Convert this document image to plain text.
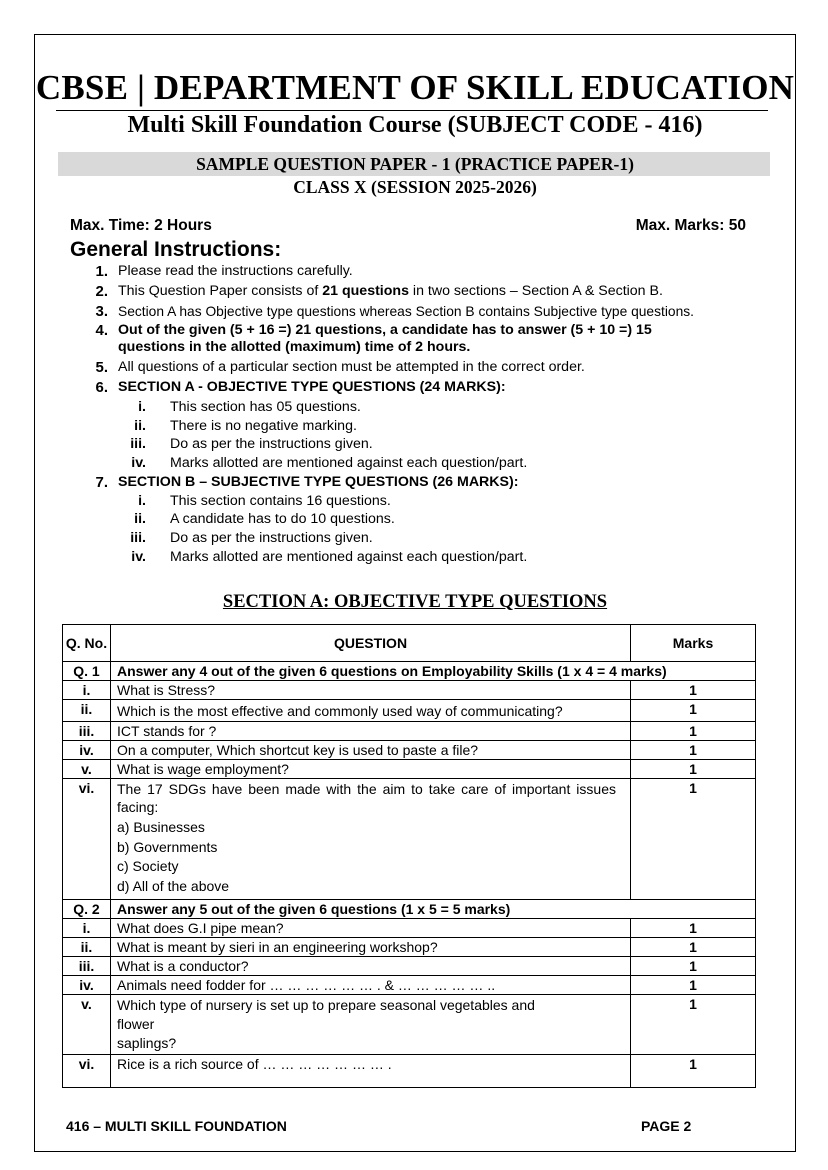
CBSE | DEPARTMENT OF SKILL EDUCATION
Multi Skill Foundation Course (SUBJECT CODE - 416)
SAMPLE QUESTION PAPER - 1 (PRACTICE PAPER-1)
CLASS X (SESSION 2025-2026)
Max. Time: 2 Hours	Max. Marks: 50
General Instructions:
1. Please read the instructions carefully.
2. This Question Paper consists of 21 questions in two sections – Section A & Section B.
3. Section A has Objective type questions whereas Section B contains Subjective type questions.
4. Out of the given (5 + 16 =) 21 questions, a candidate has to answer (5 + 10 =) 15 questions in the allotted (maximum) time of 2 hours.
5. All questions of a particular section must be attempted in the correct order.
6. SECTION A - OBJECTIVE TYPE QUESTIONS (24 MARKS):
i. This section has 05 questions.
ii. There is no negative marking.
iii. Do as per the instructions given.
iv. Marks allotted are mentioned against each question/part.
7. SECTION B – SUBJECTIVE TYPE QUESTIONS (26 MARKS):
i. This section contains 16 questions.
ii. A candidate has to do 10 questions.
iii. Do as per the instructions given.
iv. Marks allotted are mentioned against each question/part.
SECTION A: OBJECTIVE TYPE QUESTIONS
Q. No.	QUESTION	Marks
Q. 1	Answer any 4 out of the given 6 questions on Employability Skills (1 x 4 = 4 marks)	
i.	What is Stress?	1
ii.	Which is the most effective and commonly used way of communicating?	1
iii.	ICT stands for ?	1
iv.	On a computer, Which shortcut key is used to paste a file?	1
v.	What is wage employment?	1
vi.	The 17 SDGs have been made with the aim to take care of important issues facing:
a) Businesses
b) Governments
c) Society
d) All of the above	1
Q. 2	Answer any 5 out of the given 6 questions (1 x 5 = 5 marks)	
i.	What does G.I pipe mean?	1
ii.	What is meant by sieri in an engineering workshop?	1
iii.	What is a conductor?	1
iv.	Animals need fodder for … … … … … … . & … … … … … ..	1
v.	Which type of nursery is set up to prepare seasonal vegetables and
flower
saplings?	1
vi.	Rice is a rich source of … … … … … … … .	1
416 – MULTI SKILL FOUNDATION	PAGE 2
